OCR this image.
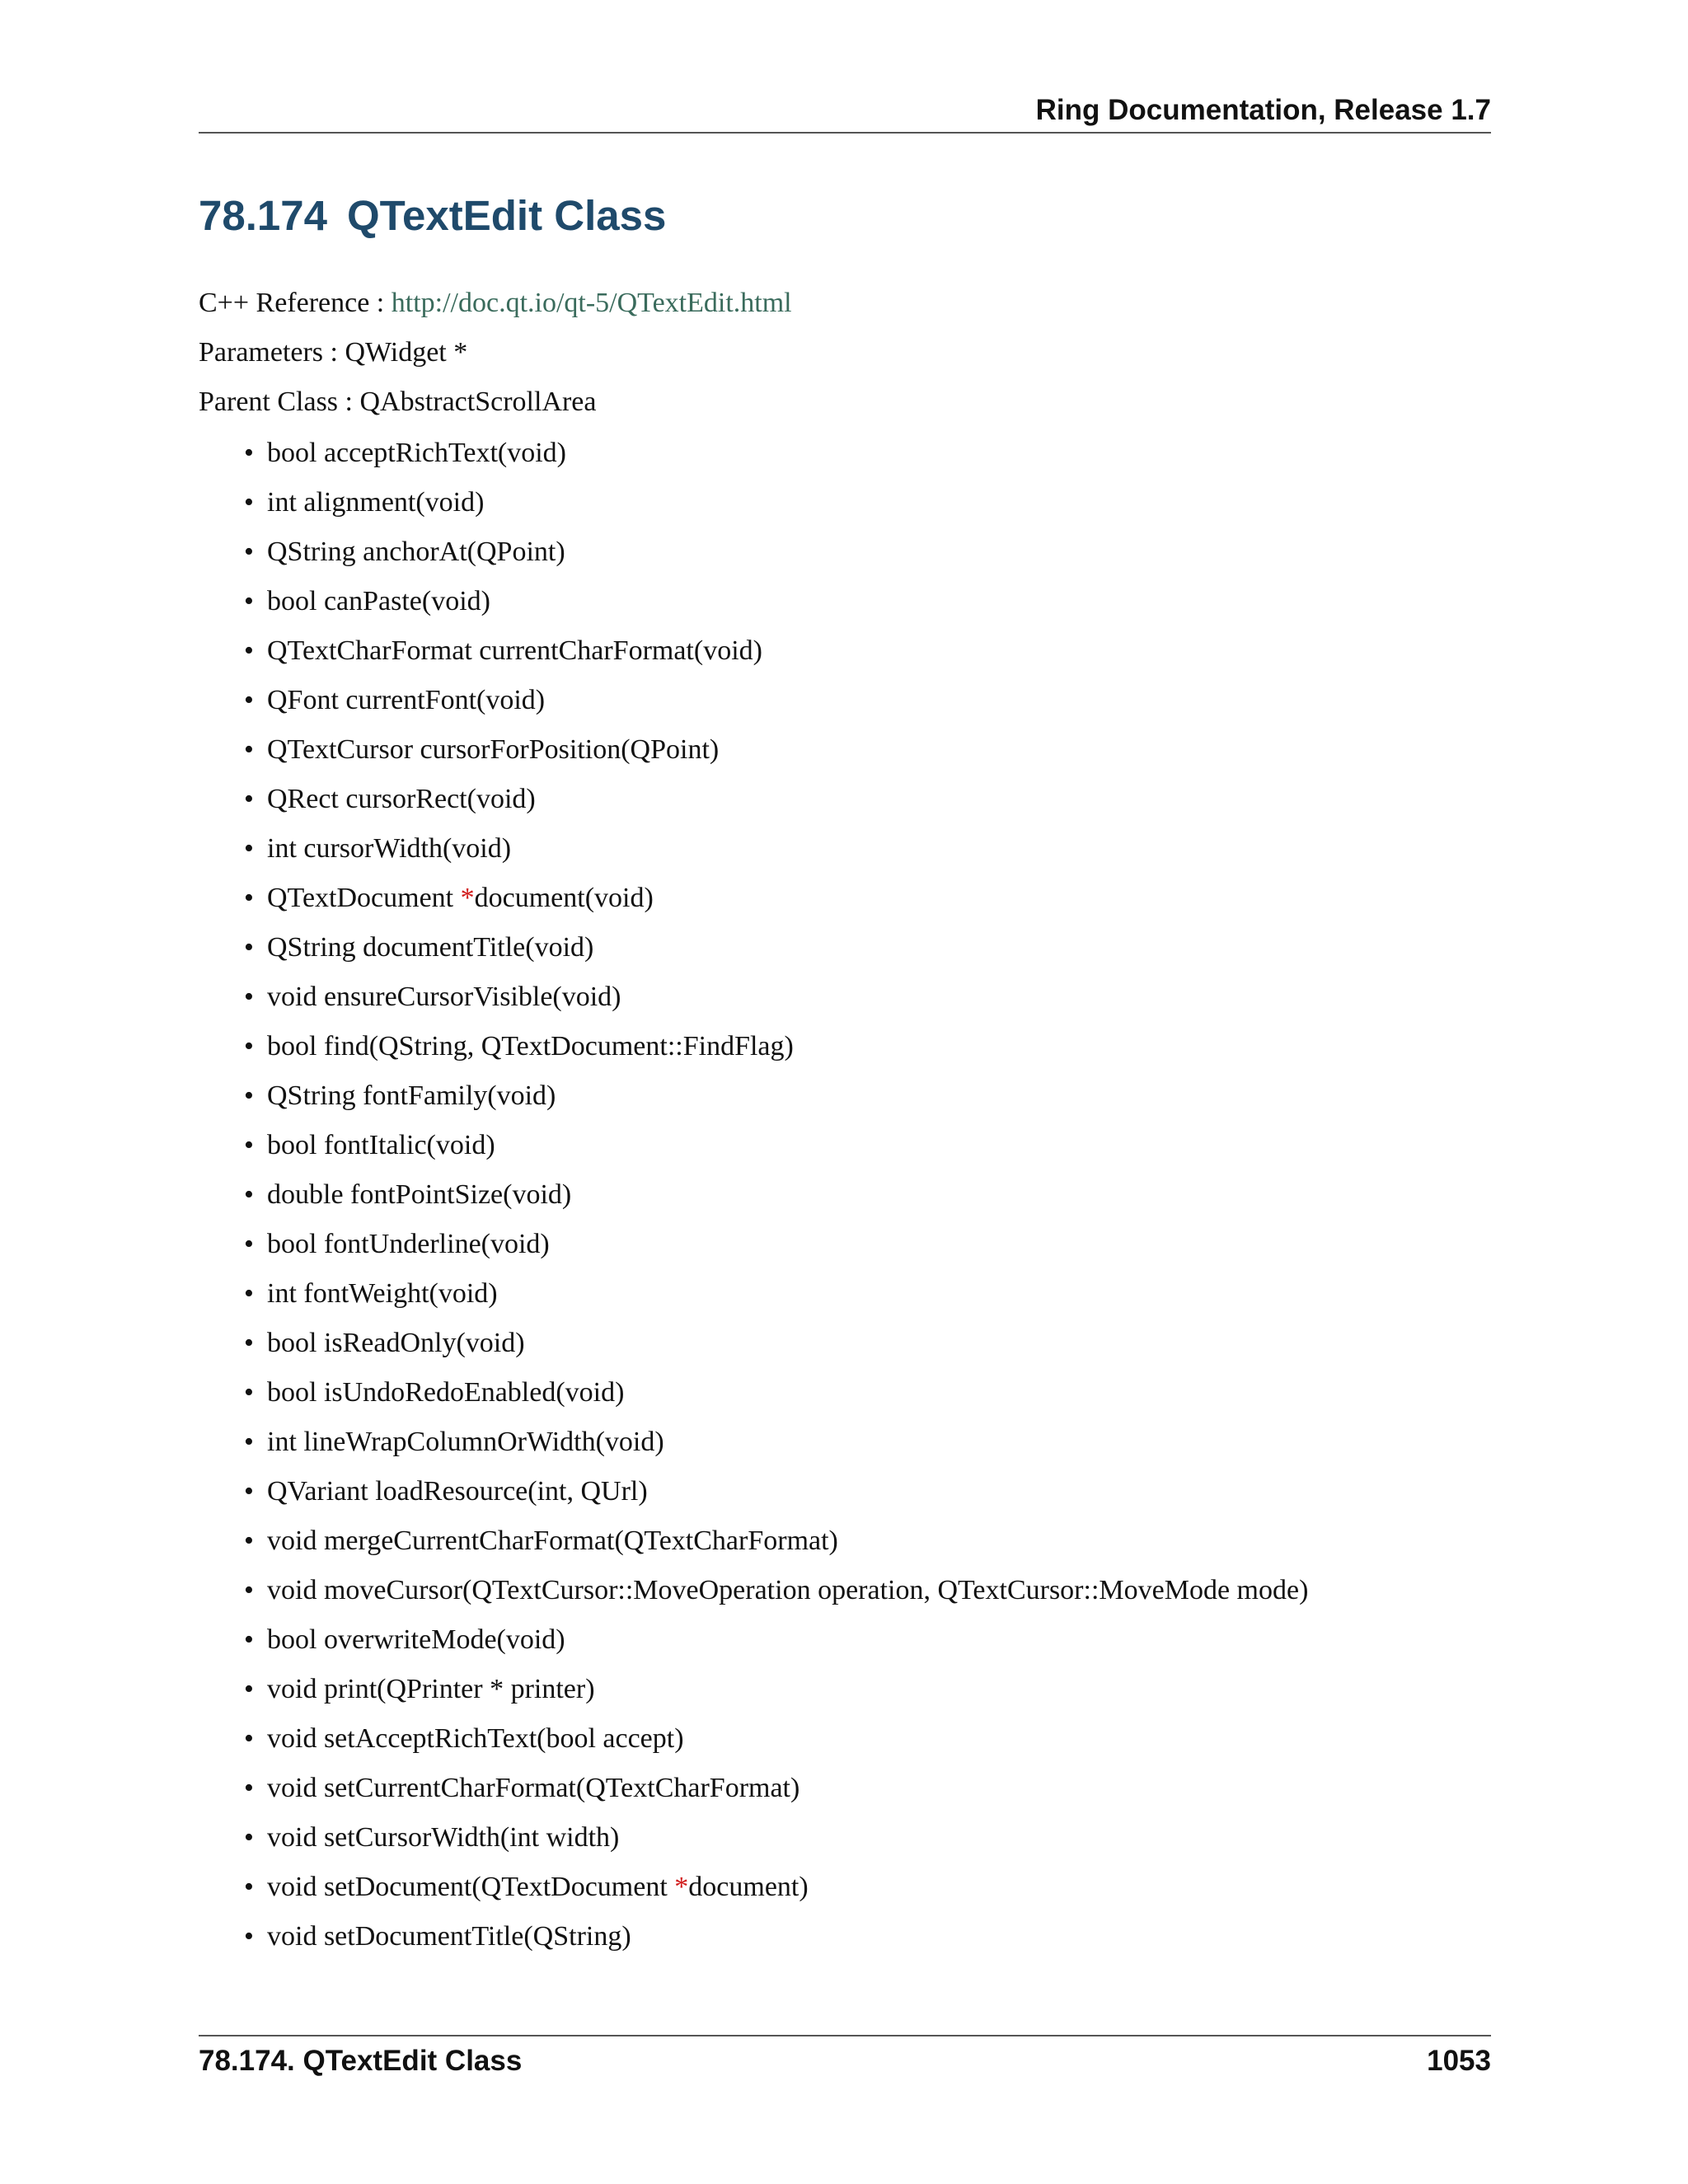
Ring Documentation, Release 1.7
78.174 QTextEdit Class
C++ Reference : http://doc.qt.io/qt-5/QTextEdit.html
Parameters : QWidget *
Parent Class : QAbstractScrollArea
• bool acceptRichText(void)
• int alignment(void)
• QString anchorAt(QPoint)
• bool canPaste(void)
• QTextCharFormat currentCharFormat(void)
• QFont currentFont(void)
• QTextCursor cursorForPosition(QPoint)
• QRect cursorRect(void)
• int cursorWidth(void)
• QTextDocument *document(void)
• QString documentTitle(void)
• void ensureCursorVisible(void)
• bool find(QString, QTextDocument::FindFlag)
• QString fontFamily(void)
• bool fontItalic(void)
• double fontPointSize(void)
• bool fontUnderline(void)
• int fontWeight(void)
• bool isReadOnly(void)
• bool isUndoRedoEnabled(void)
• int lineWrapColumnOrWidth(void)
• QVariant loadResource(int, QUrl)
• void mergeCurrentCharFormat(QTextCharFormat)
• void moveCursor(QTextCursor::MoveOperation operation, QTextCursor::MoveMode mode)
• bool overwriteMode(void)
• void print(QPrinter * printer)
• void setAcceptRichText(bool accept)
• void setCurrentCharFormat(QTextCharFormat)
• void setCursorWidth(int width)
• void setDocument(QTextDocument *document)
• void setDocumentTitle(QString)
78.174. QTextEdit Class	1053
